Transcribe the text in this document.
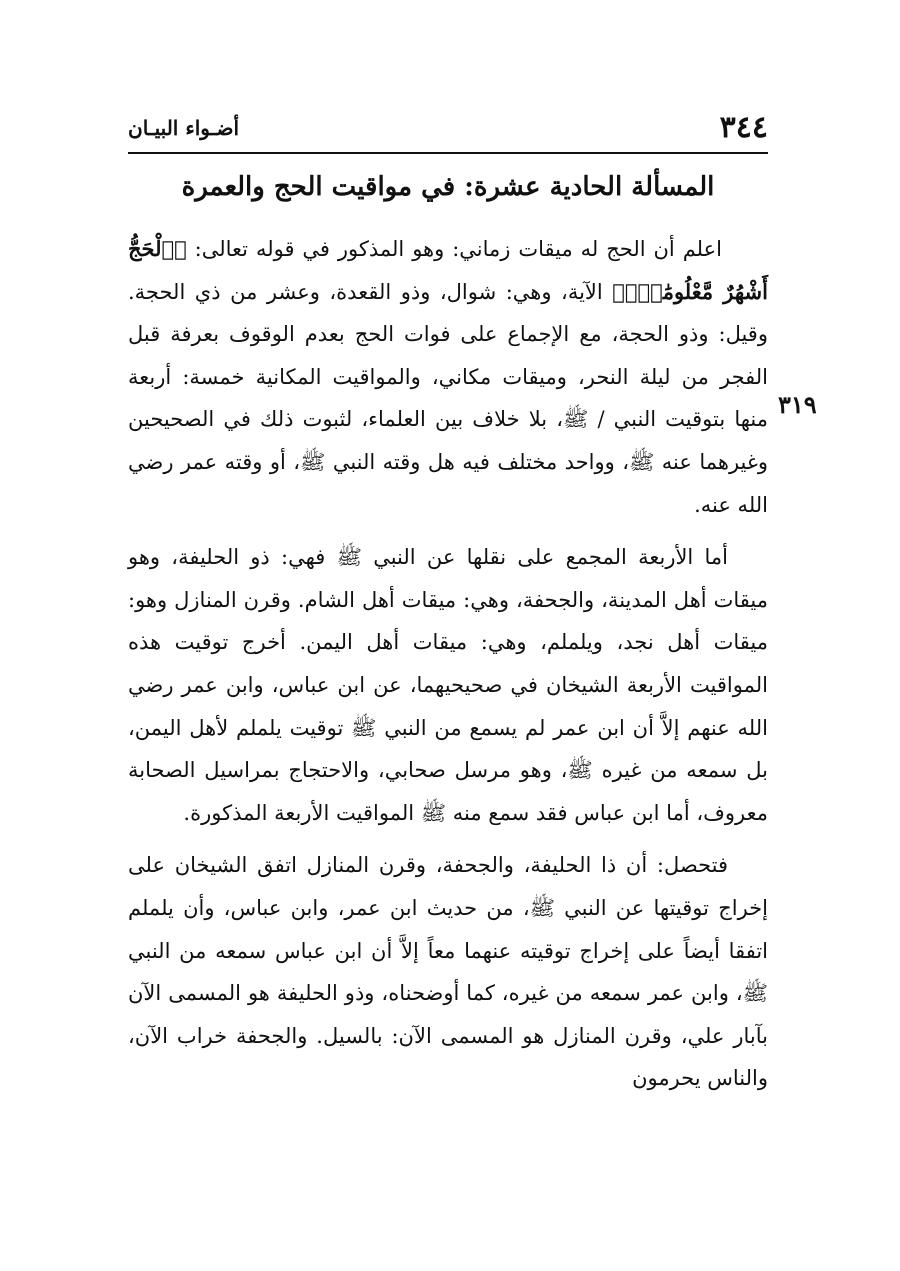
٣٤٤
أضـواء البيـان
المسألة الحادية عشرة: في مواقيت الحج والعمرة
٣١٩

اعلم أن الحج له ميقات زماني: وهو المذكور في قوله تعالى: ﴿ٱلْحَجُّ أَشْهُرٌ مَّعْلُومَٰتٌۚ﴾ الآية، وهي: شوال، وذو القعدة، وعشر من ذي الحجة. وقيل: وذو الحجة، مع الإجماع على فوات الحج بعدم الوقوف بعرفة قبل الفجر من ليلة النحر، وميقات مكاني، والمواقيت المكانية خمسة: أربعة منها بتوقيت النبي / ﷺ، بلا خلاف بين العلماء، لثبوت ذلك في الصحيحين وغيرهما عنه ﷺ، وواحد مختلف فيه هل وقته النبي ﷺ، أو وقته عمر رضي الله عنه.

أما الأربعة المجمع على نقلها عن النبي ﷺ فهي: ذو الحليفة، وهو ميقات أهل المدينة، والجحفة، وهي: ميقات أهل الشام. وقرن المنازل وهو: ميقات أهل نجد، ويلملم، وهي: ميقات أهل اليمن. أخرج توقيت هذه المواقيت الأربعة الشيخان في صحيحيهما، عن ابن عباس، وابن عمر رضي الله عنهم إلاَّ أن ابن عمر لم يسمع من النبي ﷺ توقيت يلملم لأهل اليمن، بل سمعه من غيره ﷺ، وهو مرسل صحابي، والاحتجاج بمراسيل الصحابة معروف، أما ابن عباس فقد سمع منه ﷺ المواقيت الأربعة المذكورة.

فتحصل: أن ذا الحليفة، والجحفة، وقرن المنازل اتفق الشيخان على إخراج توقيتها عن النبي ﷺ، من حديث ابن عمر، وابن عباس، وأن يلملم اتفقا أيضاً على إخراج توقيته عنهما معاً إلاَّ أن ابن عباس سمعه من النبي ﷺ، وابن عمر سمعه من غيره، كما أوضحناه، وذو الحليفة هو المسمى الآن بآبار علي، وقرن المنازل هو المسمى الآن: بالسيل. والجحفة خراب الآن، والناس يحرمون
